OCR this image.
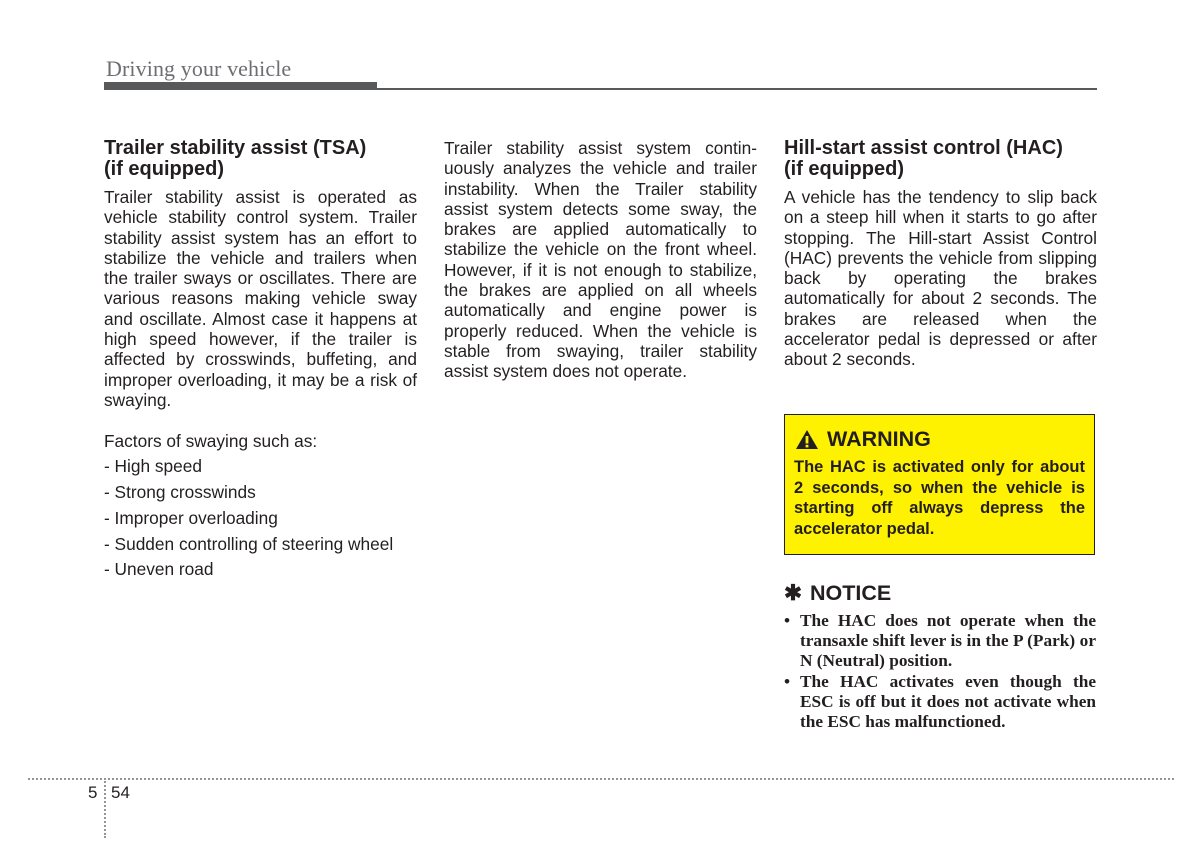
Driving your vehicle
Trailer stability assist (TSA)
(if equipped)

Trailer stability assist is operated as vehicle stability control system. Trailer stability assist system has an effort to stabilize the vehicle and trailers when the trailer sways or oscillates. There are various reasons making vehicle sway and oscillate. Almost case it happens at high speed however, if the trailer is affected by crosswinds, buffeting, and improper overloading, it may be a risk of swaying.

Factors of swaying such as:
- High speed
- Strong crosswinds
- Improper overloading
- Sudden controlling of steering wheel
- Uneven road

Trailer stability assist system continuously analyzes the vehicle and trailer instability. When the Trailer stability assist system detects some sway, the brakes are applied automatically to stabilize the vehicle on the front wheel. However, if it is not enough to stabilize, the brakes are applied on all wheels automatically and engine power is properly reduced. When the vehicle is stable from swaying, trailer stability assist system does not operate.

Hill-start assist control (HAC)
(if equipped)

A vehicle has the tendency to slip back on a steep hill when it starts to go after stopping. The Hill-start Assist Control (HAC) prevents the vehicle from slipping back by operating the brakes automatically for about 2 seconds. The brakes are released when the accelerator pedal is depressed or after about 2 seconds.

WARNING
The HAC is activated only for about 2 seconds, so when the vehicle is starting off always depress the accelerator pedal.
✱ NOTICE
• The HAC does not operate when the transaxle shift lever is in the P (Park) or N (Neutral) position.
• The HAC activates even though the ESC is off but it does not activate when the ESC has malfunctioned.
5 54
